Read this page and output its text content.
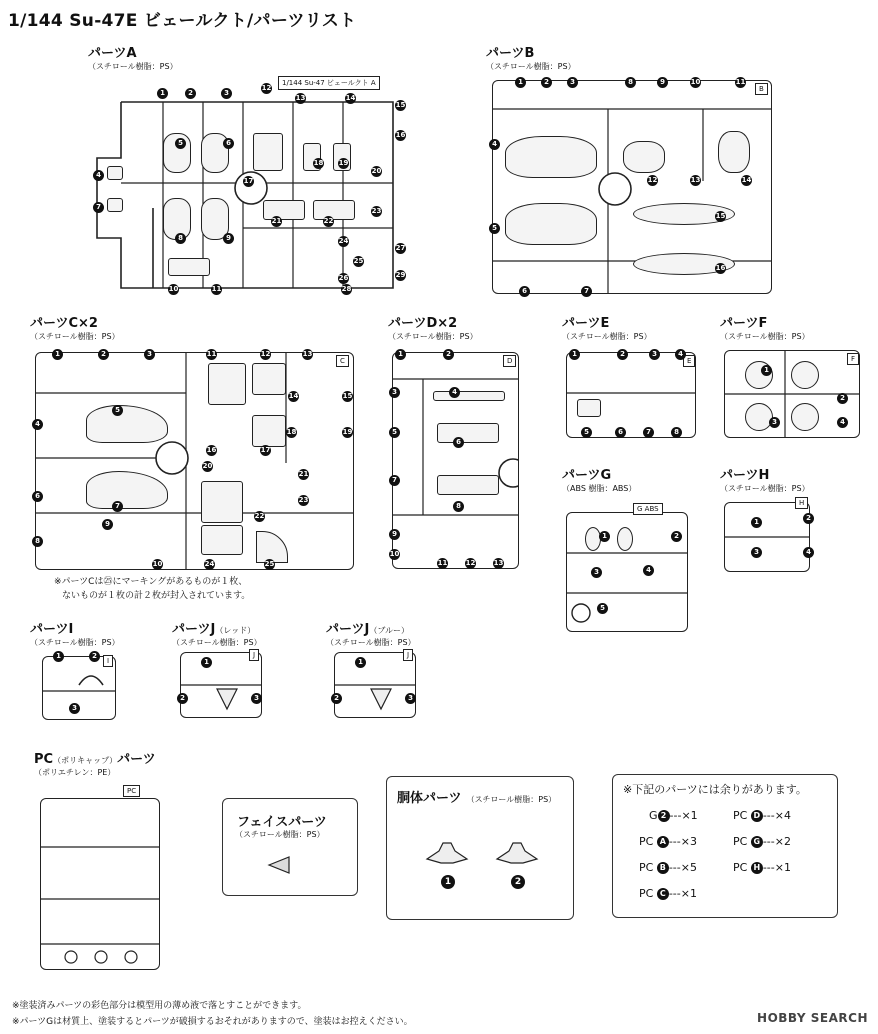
1/144 Su-47E ビェールクト/パーツリスト
パーツA
（スチロール樹脂：PS）
1/144 Su-47 ビェールクト A
1	2	3
12
13	14
15
16
5	6
17
18 19
20
4
7
8	9
21	22
23
24
25
26
27
10	11	28
29
パーツB
（スチロール樹脂：PS）
B
1	2	3	8	9	10	11
4
12	13	14
5
15
6	7
16
パーツC×2
（スチロール樹脂：PS）
C
1	2	3	11	12	13
14	15
4
5
16	17
18	19
6
7
20
21
23
22
8
9
10	24	25
※パーツCは㉕にマーキングがあるものが１枚、
ないものが１枚の計２枚が封入されています。
パーツD×2
（スチロール樹脂：PS）
D
1	2
3	4
5
6
7
8
9
10
11	12	13
パーツE
（スチロール樹脂：PS）
E
1	2	3	4
5	6	7	8
パーツF
（スチロール樹脂：PS）
F
1
2
3	4
パーツG
（ABS 樹脂：ABS）
G ABS
1	2
3	4
5
パーツH
（スチロール樹脂：PS）
H
1	2
3	4
パーツI
（スチロール樹脂：PS）
I
1	2
3
パーツJ（レッド）
（スチロール樹脂：PS）
J
1
2	3
パーツJ（ブルー）
（スチロール樹脂：PS）
J
1
2	3
PC（ポリキャップ）パーツ
（ポリエチレン：PE）
PC
フェイスパーツ
（スチロール樹脂：PS）
胴体パーツ （スチロール樹脂：PS）
1	2
※下記のパーツには余りがあります。
G 2 ---×1	PC D ---×4
PC A ---×3	PC G ---×2
PC B ---×5	PC H ---×1
PC C ---×1
※塗装済みパーツの彩色部分は模型用の薄め液で落とすことができます。
※パーツGは材質上、塗装するとパーツが破損するおそれがありますので、塗装はお控えください。	HOBBY SEARCH
